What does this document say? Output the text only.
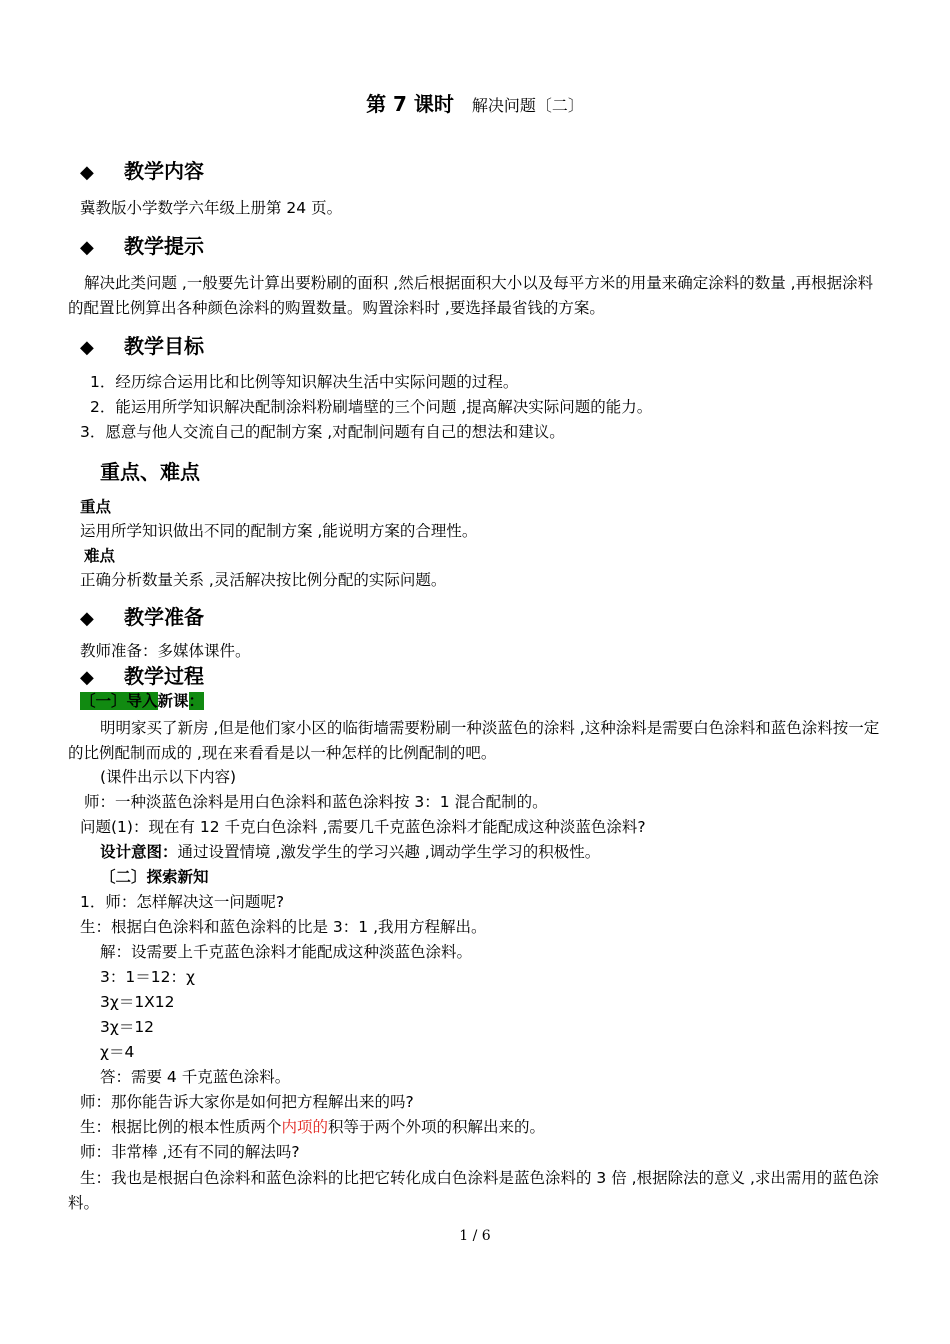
第 7 课时 解决问题〔二〕
◆ 教学内容
冀教版小学数学六年级上册第 24 页。
◆ 教学提示
解决此类问题 ,一般要先计算出要粉刷的面积 ,然后根据面积大小以及每平方米的用量来确定涂料的数量 ,再根据涂料的配置比例算出各种颜色涂料的购置数量。购置涂料时 ,要选择最省钱的方案。
◆ 教学目标
1．经历综合运用比和比例等知识解决生活中实际问题的过程。
2．能运用所学知识解决配制涂料粉刷墙壁的三个问题 ,提高解决实际问题的能力。
3．愿意与他人交流自己的配制方案 ,对配制问题有自己的想法和建议。
重点、难点
重点
运用所学知识做出不同的配制方案 ,能说明方案的合理性。
难点
正确分析数量关系 ,灵活解决按比例分配的实际问题。
◆ 教学准备
教师准备：多媒体课件。
◆ 教学过程
〔一〕导入新课：
明明家买了新房 ,但是他们家小区的临街墙需要粉刷一种淡蓝色的涂料 ,这种涂料是需要白色涂料和蓝色涂料按一定的比例配制而成的 ,现在来看看是以一种怎样的比例配制的吧。
(课件出示以下内容)
师：一种淡蓝色涂料是用白色涂料和蓝色涂料按 3：1 混合配制的。
问题(1)：现在有 12 千克白色涂料 ,需要几千克蓝色涂料才能配成这种淡蓝色涂料?
设计意图：通过设置情境 ,激发学生的学习兴趣 ,调动学生学习的积极性。
〔二〕探索新知
1．师：怎样解决这一问题呢?
生：根据白色涂料和蓝色涂料的比是 3：1 ,我用方程解出。
解：设需要上千克蓝色涂料才能配成这种淡蓝色涂料。
3：1＝12：χ
3χ＝1X12
3χ＝12
χ＝4
答：需要 4 千克蓝色涂料。
师：那你能告诉大家你是如何把方程解出来的吗?
生：根据比例的根本性质两个内项的积等于两个外项的积解出来的。
师：非常棒 ,还有不同的解法吗?
生：我也是根据白色涂料和蓝色涂料的比把它转化成白色涂料是蓝色涂料的 3 倍 ,根据除法的意义 ,求出需用的蓝色涂料。
1 / 6
